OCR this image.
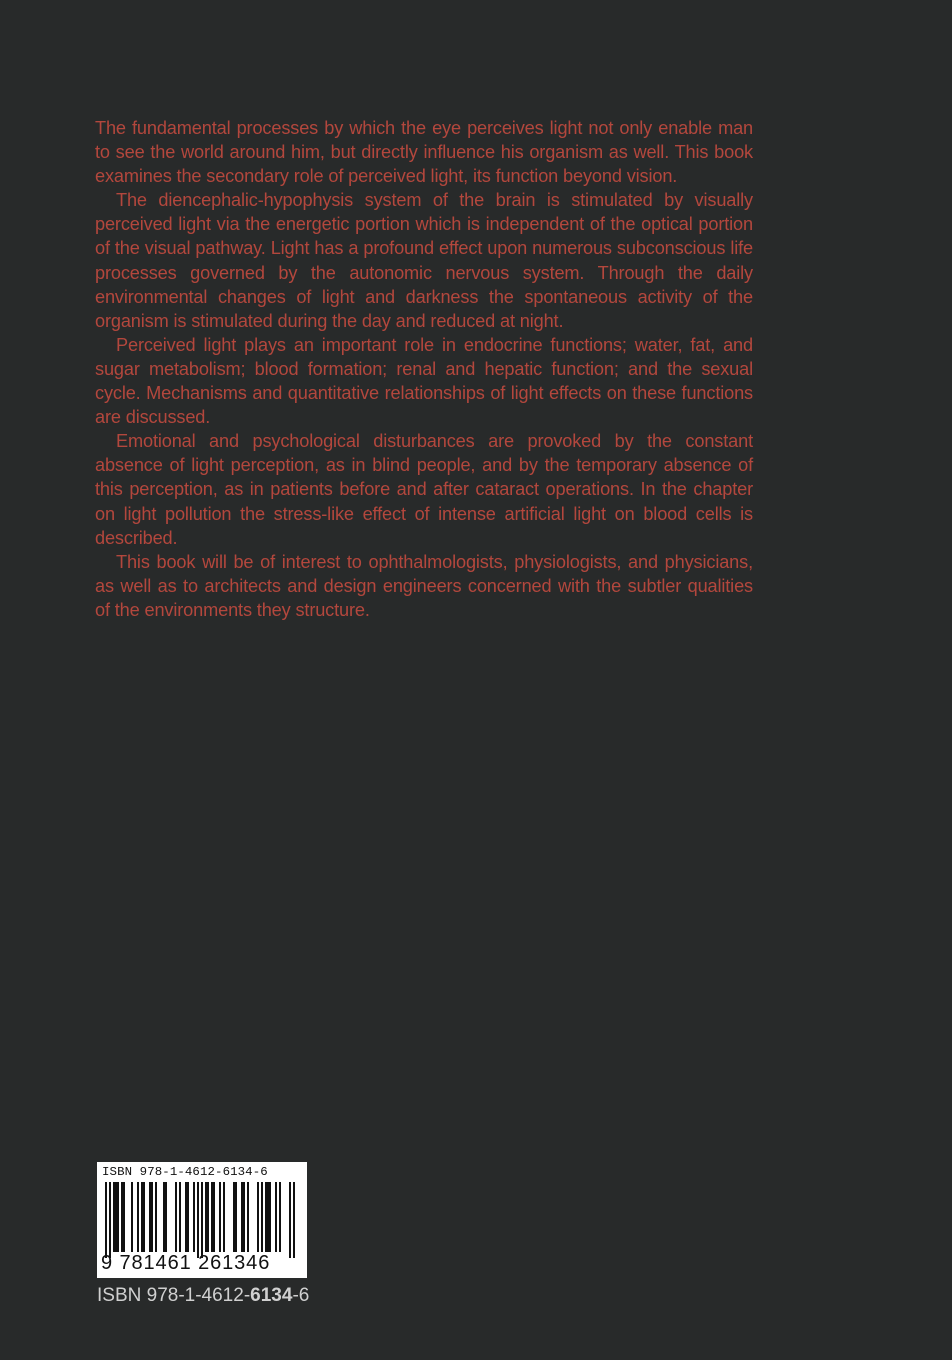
The fundamental processes by which the eye perceives light not only enable man to see the world around him, but directly influence his organism as well. This book examines the secondary role of perceived light, its function beyond vision.

The diencephalic-hypophysis system of the brain is stimulated by visually perceived light via the energetic portion which is independent of the optical portion of the visual pathway. Light has a profound effect upon numerous subconscious life processes governed by the autonomic nervous system. Through the daily environmental changes of light and darkness the spontaneous activity of the organism is stimulated during the day and reduced at night.

Perceived light plays an important role in endocrine functions; water, fat, and sugar metabolism; blood formation; renal and hepatic function; and the sexual cycle. Mechanisms and quantitative relationships of light effects on these functions are discussed.

Emotional and psychological disturbances are provoked by the constant absence of light perception, as in blind people, and by the temporary absence of this perception, as in patients before and after cataract operations. In the chapter on light pollution the stress-like effect of intense artificial light on blood cells is described.

This book will be of interest to ophthalmologists, physiologists, and physicians, as well as to architects and design engineers concerned with the subtler qualities of the environments they structure.

ISBN 978-1-4612-6134-6
9 781461 261346
ISBN 978-1-4612-6134-6
